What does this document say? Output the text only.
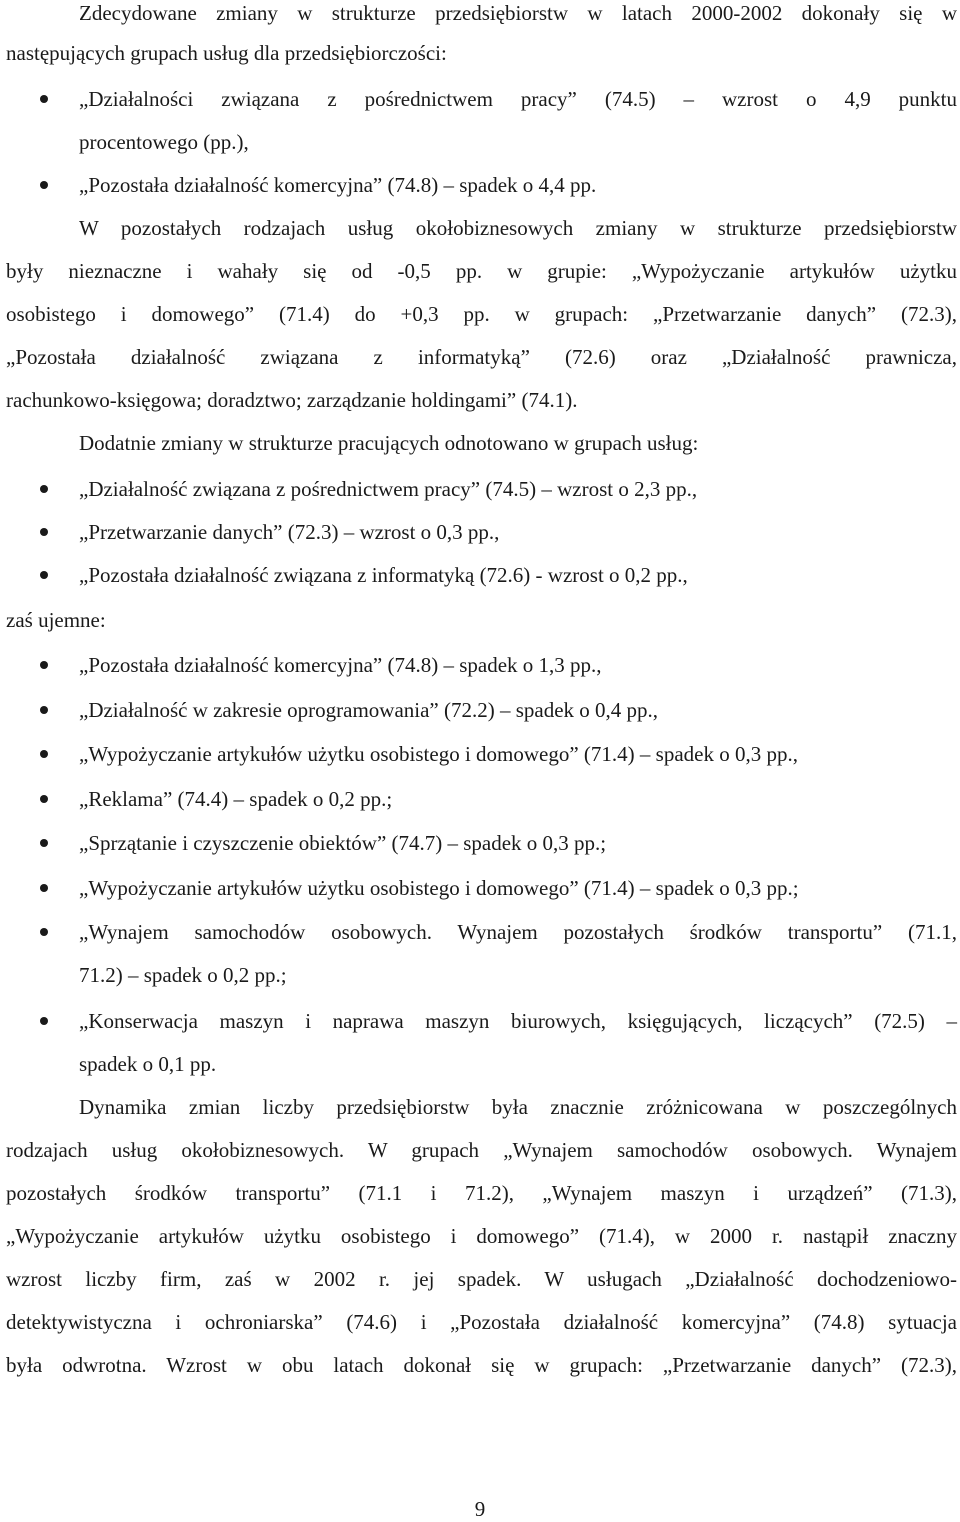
Zdecydowane zmiany w strukturze przedsiębiorstw w latach 2000-2002 dokonały się w
następujących grupach usług dla przedsiębiorczości:
„Działalności  związana  z  pośrednictwem  pracy”  (74.5)  –  wzrost  o  4,9  punktu
procentowego (pp.),
„Pozostała działalność komercyjna” (74.8) – spadek o 4,4 pp.
W pozostałych rodzajach usług okołobiznesowych zmiany w strukturze przedsiębiorstw
były  nieznaczne  i  wahały  się  od  -0,5  pp.  w  grupie:  „Wypożyczanie  artykułów  użytku
osobistego  i  domowego”  (71.4)  do  +0,3  pp.  w  grupach:  „Przetwarzanie  danych”  (72.3),
„Pozostała  działalność  związana  z  informatyką”  (72.6)  oraz  „Działalność  prawnicza,
rachunkowo-księgowa; doradztwo; zarządzanie holdingami” (74.1).
Dodatnie zmiany w strukturze pracujących odnotowano w grupach usług:
„Działalność związana z pośrednictwem pracy” (74.5) – wzrost o 2,3 pp.,
„Przetwarzanie danych” (72.3) – wzrost o 0,3 pp.,
„Pozostała działalność związana z informatyką (72.6) - wzrost o 0,2 pp.,
zaś ujemne:
„Pozostała działalność komercyjna” (74.8) – spadek o 1,3 pp.,
„Działalność w zakresie oprogramowania” (72.2) – spadek o 0,4 pp.,
„Wypożyczanie artykułów użytku osobistego i domowego” (71.4) – spadek o 0,3 pp.,
„Reklama” (74.4) – spadek o 0,2 pp.;
„Sprzątanie i czyszczenie obiektów” (74.7) – spadek o 0,3 pp.;
„Wypożyczanie artykułów użytku osobistego i domowego” (71.4) – spadek o 0,3 pp.;
„Wynajem samochodów osobowych. Wynajem pozostałych środków transportu” (71.1,
71.2) – spadek o 0,2 pp.;
„Konserwacja maszyn i naprawa maszyn biurowych, księgujących, liczących” (72.5) –
spadek o 0,1 pp.
Dynamika zmian liczby przedsiębiorstw była znacznie zróżnicowana w poszczególnych
rodzajach usług okołobiznesowych. W grupach „Wynajem samochodów osobowych. Wynajem
pozostałych  środków  transportu”  (71.1  i  71.2),  „Wynajem  maszyn  i  urządzeń”  (71.3),
„Wypożyczanie artykułów użytku osobistego i domowego” (71.4), w 2000 r. nastąpił znaczny
wzrost  liczby  firm,  zaś  w  2002  r.  jej  spadek.  W  usługach  „Działalność  dochodzeniowo-
detektywistyczna i ochroniarska” (74.6) i „Pozostała działalność komercyjna” (74.8) sytuacja
była odwrotna. Wzrost w obu latach dokonał się w grupach: „Przetwarzanie danych” (72.3),
9
